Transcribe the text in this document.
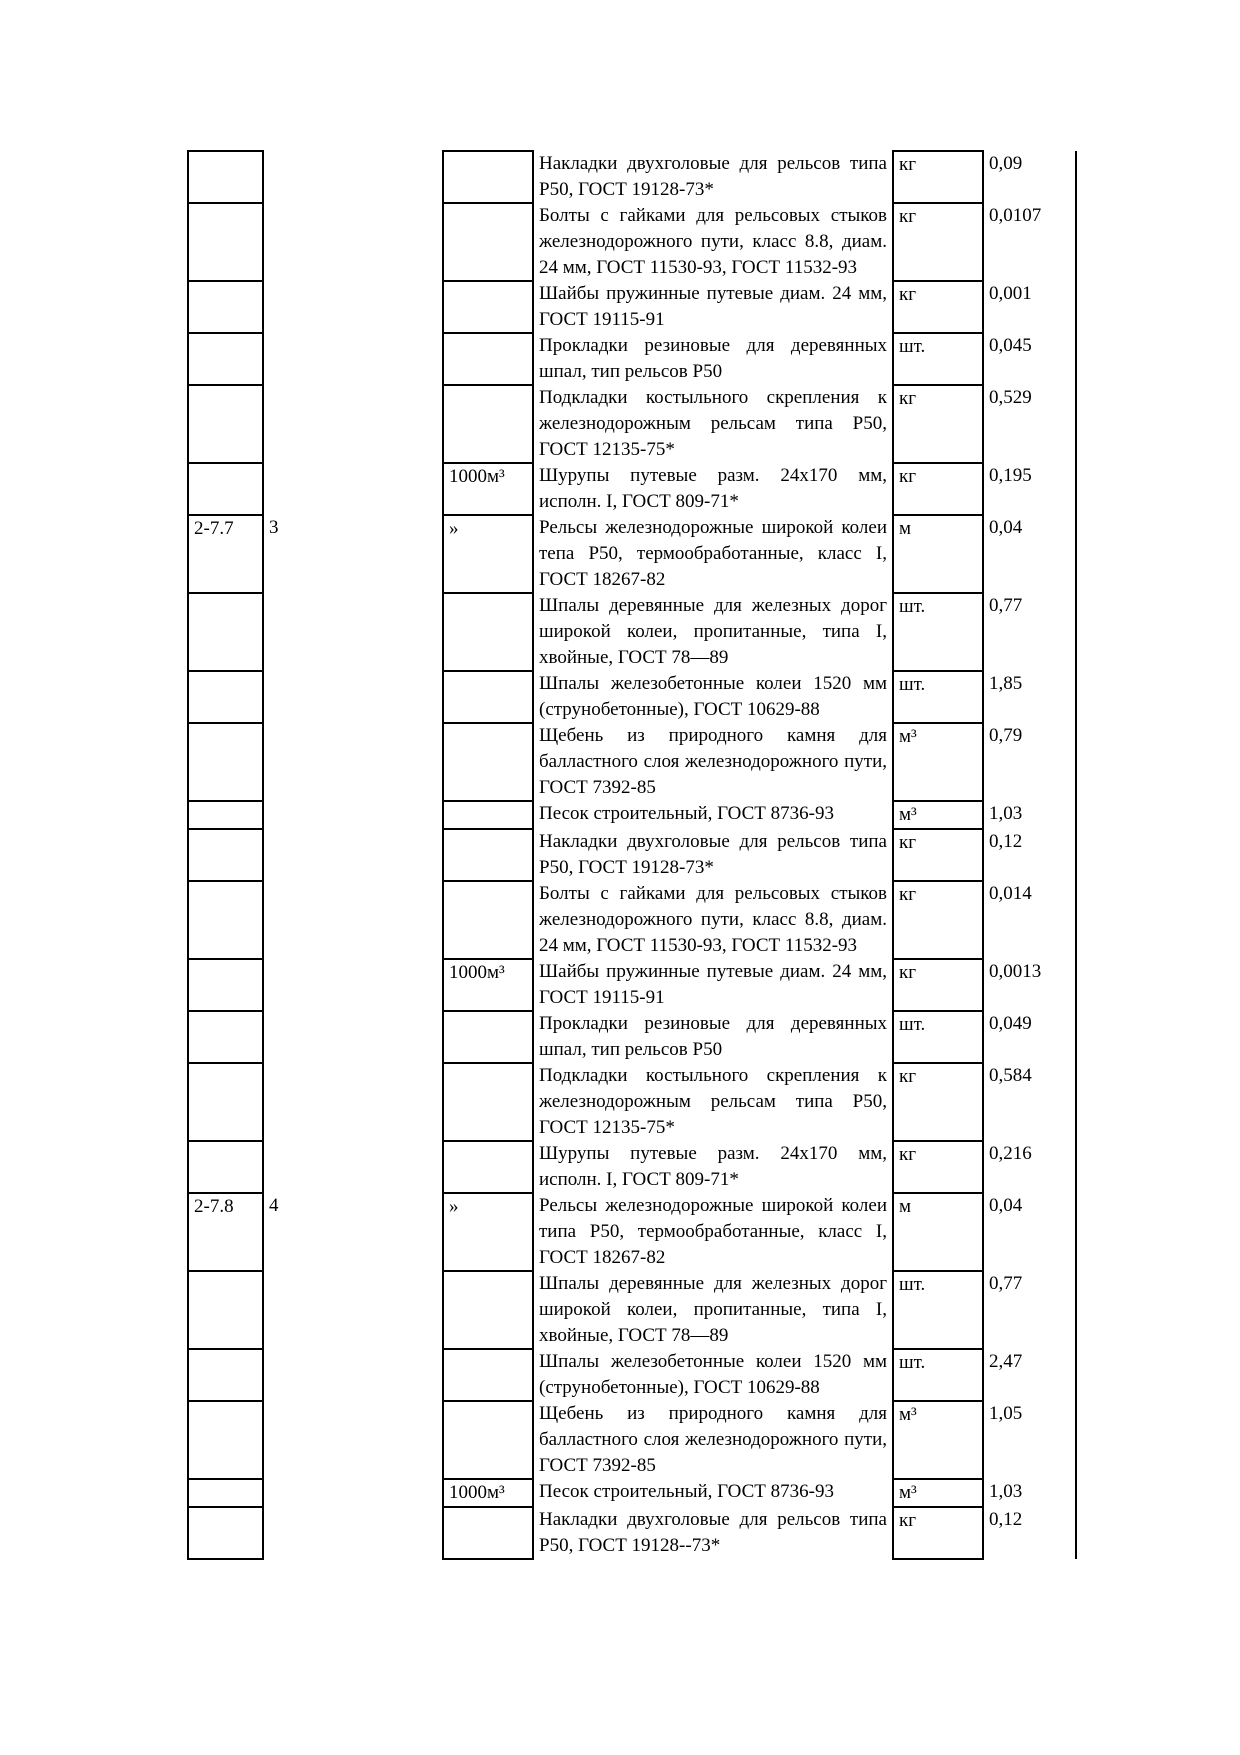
			Накладки двухголовые для рельсов типа Р50, ГОСТ 19128-73*	кг	0,09
			Болты с гайками для рельсовых стыков железнодорожного пути, класс 8.8, диам. 24 мм, ГОСТ 11530-93, ГОСТ 11532-93	кг	0,0107
			Шайбы пружинные путевые диам. 24 мм, ГОСТ 19115-91	кг	0,001
			Прокладки резиновые для деревянных шпал, тип рельсов Р50	шт.	0,045
			Подкладки костыльного скрепления к железнодорожным рельсам типа Р50, ГОСТ 12135-75*	кг	0,529
		1000м³	Шурупы путевые разм. 24х170 мм, исполн. I, ГОСТ 809-71*	кг	0,195
2-7.7	3	»	Рельсы железнодорожные широкой колеи тепа Р50, термообработанные, класс I, ГОСТ 18267-82	м	0,04
			Шпалы деревянные для железных дорог широкой колеи, пропитанные, типа I, хвойные, ГОСТ 78—89	шт.	0,77
			Шпалы железобетонные колеи 1520 мм (струнобетонные), ГОСТ 10629-88	шт.	1,85
			Щебень из природного камня для балластного слоя железнодорожного пути, ГОСТ 7392-85	м³	0,79
			Песок строительный, ГОСТ 8736-93	м³	1,03
			Накладки двухголовые для рельсов типа Р50, ГОСТ 19128-73*	кг	0,12
			Болты с гайками для рельсовых стыков железнодорожного пути, класс 8.8, диам. 24 мм, ГОСТ 11530-93, ГОСТ 11532-93	кг	0,014
		1000м³	Шайбы пружинные путевые диам. 24 мм, ГОСТ 19115-91	кг	0,0013
			Прокладки резиновые для деревянных шпал, тип рельсов Р50	шт.	0,049
			Подкладки костыльного скрепления к железнодорожным рельсам типа Р50, ГОСТ 12135-75*	кг	0,584
			Шурупы путевые разм. 24х170 мм, исполн. I, ГОСТ 809-71*	кг	0,216
2-7.8	4	»	Рельсы железнодорожные широкой колеи типа Р50, термообработанные, класс I, ГОСТ 18267-82	м	0,04
			Шпалы деревянные для железных дорог широкой колеи, пропитанные, типа I, хвойные, ГОСТ 78—89	шт.	0,77
			Шпалы железобетонные колеи 1520 мм (струнобетонные), ГОСТ 10629-88	шт.	2,47
			Щебень из природного камня для балластного слоя железнодорожного пути, ГОСТ 7392-85	м³	1,05
		1000м³	Песок строительный, ГОСТ 8736-93	м³	1,03
			Накладки двухголовые для рельсов типа Р50, ГОСТ 19128--73*	кг	0,12
